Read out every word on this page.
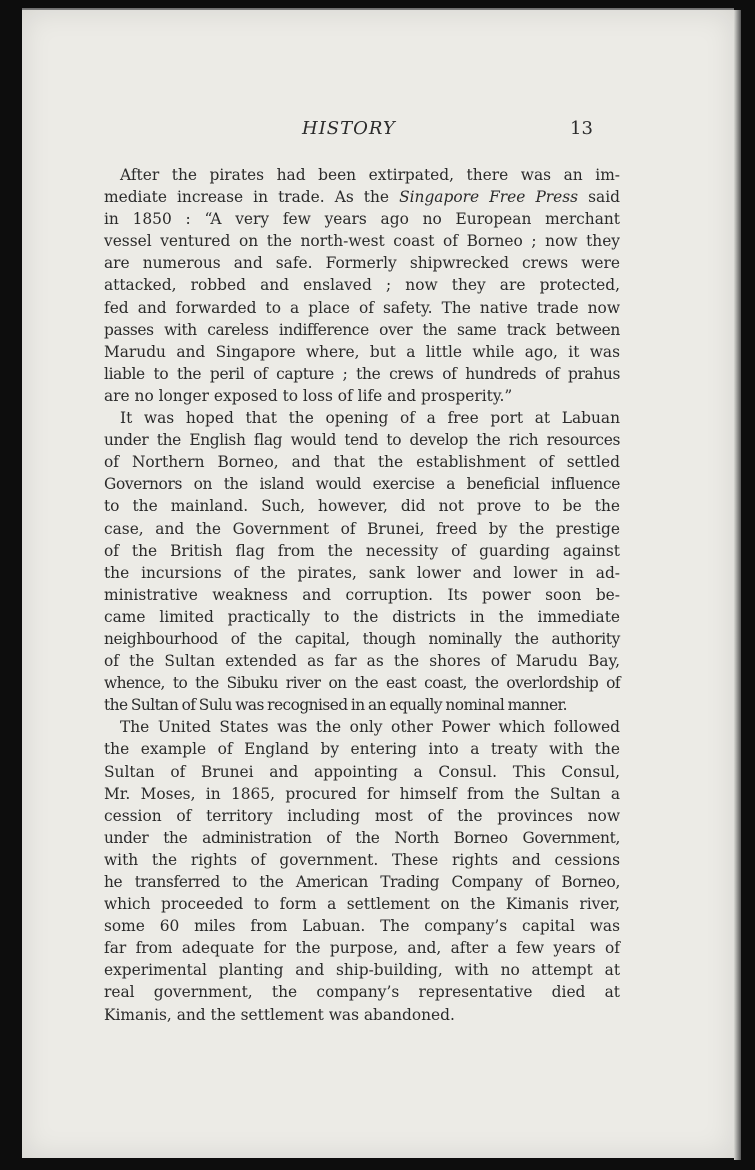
HISTORY	13
After the pirates had been extirpated, there was an im-
mediate increase in trade. As the Singapore Free Press said
in 1850 : “A very few years ago no European merchant
vessel ventured on the north-west coast of Borneo ; now they
are numerous and safe. Formerly shipwrecked crews were
attacked, robbed and enslaved ; now they are protected,
fed and forwarded to a place of safety. The native trade now
passes with careless indifference over the same track between
Marudu and Singapore where, but a little while ago, it was
liable to the peril of capture ; the crews of hundreds of prahus
are no longer exposed to loss of life and prosperity.”
It was hoped that the opening of a free port at Labuan
under the English flag would tend to develop the rich resources
of Northern Borneo, and that the establishment of settled
Governors on the island would exercise a beneficial influence
to the mainland. Such, however, did not prove to be the
case, and the Government of Brunei, freed by the prestige
of the British flag from the necessity of guarding against
the incursions of the pirates, sank lower and lower in ad-
ministrative weakness and corruption. Its power soon be-
came limited practically to the districts in the immediate
neighbourhood of the capital, though nominally the authority
of the Sultan extended as far as the shores of Marudu Bay,
whence, to the Sibuku river on the east coast, the overlordship of
the Sultan of Sulu was recognised in an equally nominal manner.
The United States was the only other Power which followed
the example of England by entering into a treaty with the
Sultan of Brunei and appointing a Consul. This Consul,
Mr. Moses, in 1865, procured for himself from the Sultan a
cession of territory including most of the provinces now
under the administration of the North Borneo Government,
with the rights of government. These rights and cessions
he transferred to the American Trading Company of Borneo,
which proceeded to form a settlement on the Kimanis river,
some 60 miles from Labuan. The company’s capital was
far from adequate for the purpose, and, after a few years of
experimental planting and ship-building, with no attempt at
real government, the company’s representative died at
Kimanis, and the settlement was abandoned.
